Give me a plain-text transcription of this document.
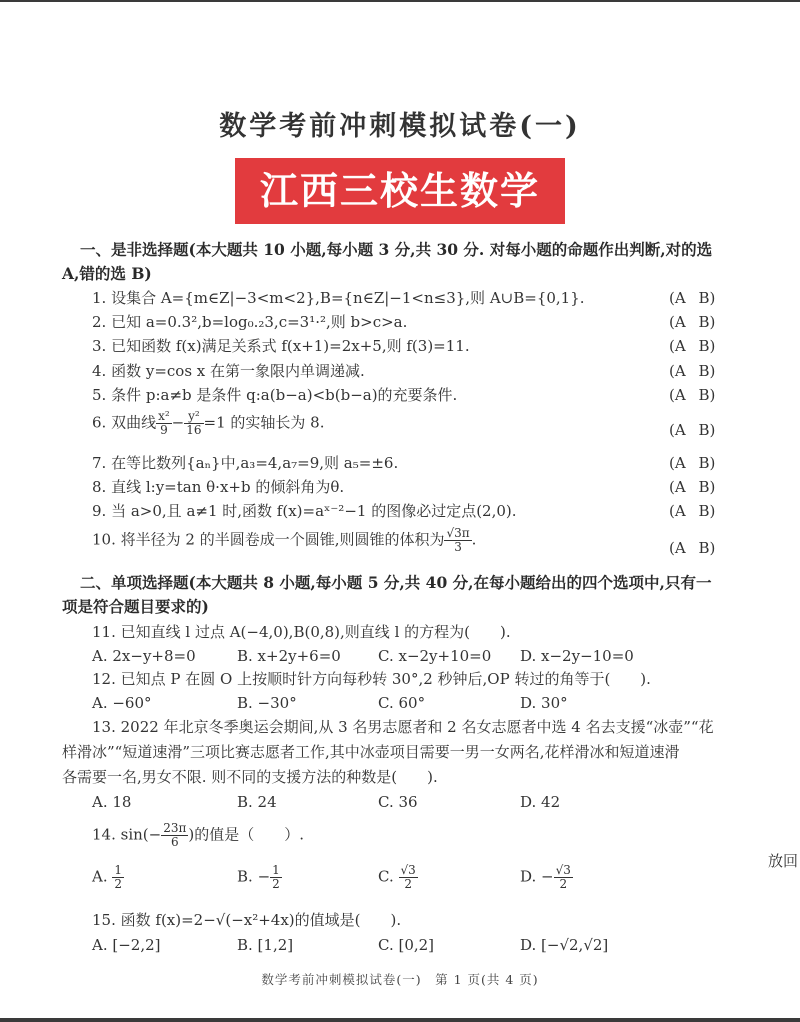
数学考前冲刺模拟试卷(一)
江西三校生数学
一、是非选择题(本大题共 10 小题,每小题 3 分,共 30 分. 对每小题的命题作出判断,对的选
A,错的选 B)
1. 设集合 A={m∈Z|−3<m<2},B={n∈Z|−1<n≤3},则 A∪B={0,1}.	(A B)
2. 已知 a=0.3²,b=log₀.₂3,c=3¹·²,则 b>c>a.	(A B)
3. 已知函数 f(x)满足关系式 f(x+1)=2x+5,则 f(3)=11.	(A B)
4. 函数 y=cos x 在第一象限内单调递减.	(A B)
5. 条件 p:a≠b 是条件 q:a(b−a)<b(b−a)的充要条件.	(A B)
6. 双曲线 $\frac{\text{x²}}{9} - \frac{\text{y²}}{16} =1$ 的实轴长为 8.	(A B)
7. 在等比数列{aₙ}中,a₃=4,a₇=9,则 a₅=±6.	(A B)
8. 直线 l:y=tan θ·x+b 的倾斜角为θ.	(A B)
9. 当 a>0,且 a≠1 时,函数 f(x)=aˣ⁻²−1 的图像必过定点(2,0).	(A B)
10. 将半径为 2 的半圆卷成一个圆锥,则圆锥的体积为 $\frac{√3\pi}{3}$ .	(A B)
二、单项选择题(本大题共 8 小题,每小题 5 分,共 40 分,在每小题给出的四个选项中,只有一
项是符合题目要求的)
11. 已知直线 l 过点 A(−4,0),B(0,8),则直线 l 的方程为(　　).
A. 2x−y+8=0	B. x+2y+6=0 C. x−2y+10=0 D. x−2y−10=0
12. 已知点 P 在圆 O 上按顺时针方向每秒转 30°,2 秒钟后,OP 转过的角等于(　　).
A. −60°	B. −30°	C. 60°	D. 30°
13. 2022 年北京冬季奥运会期间,从 3 名男志愿者和 2 名女志愿者中选 4 名去支援“冰壶”“花
样滑冰”“短道速滑”三项比赛志愿者工作,其中冰壶项目需要一男一女两名,花样滑冰和短道速滑
各需要一名,男女不限. 则不同的支援方法的种数是(　　).
A. 18	B. 24	C. 36	D. 42
14. $\sin(- \frac{23\pi}{6}$ )的值是（　　）.
A. $\frac{1}{2}$	B. − $\frac{1}{2}$	C. $\frac{√3}{2}$	D. − $\frac{√3}{2}$
放回
15. 函数 f(x)=2−√(−x²+4x)的值域是(　　).
A. [−2,2]	B. [1,2]	C. [0,2]	D. [−√2,√2]
数学考前冲刺模拟试卷(一)　第 1 页(共 4 页)
